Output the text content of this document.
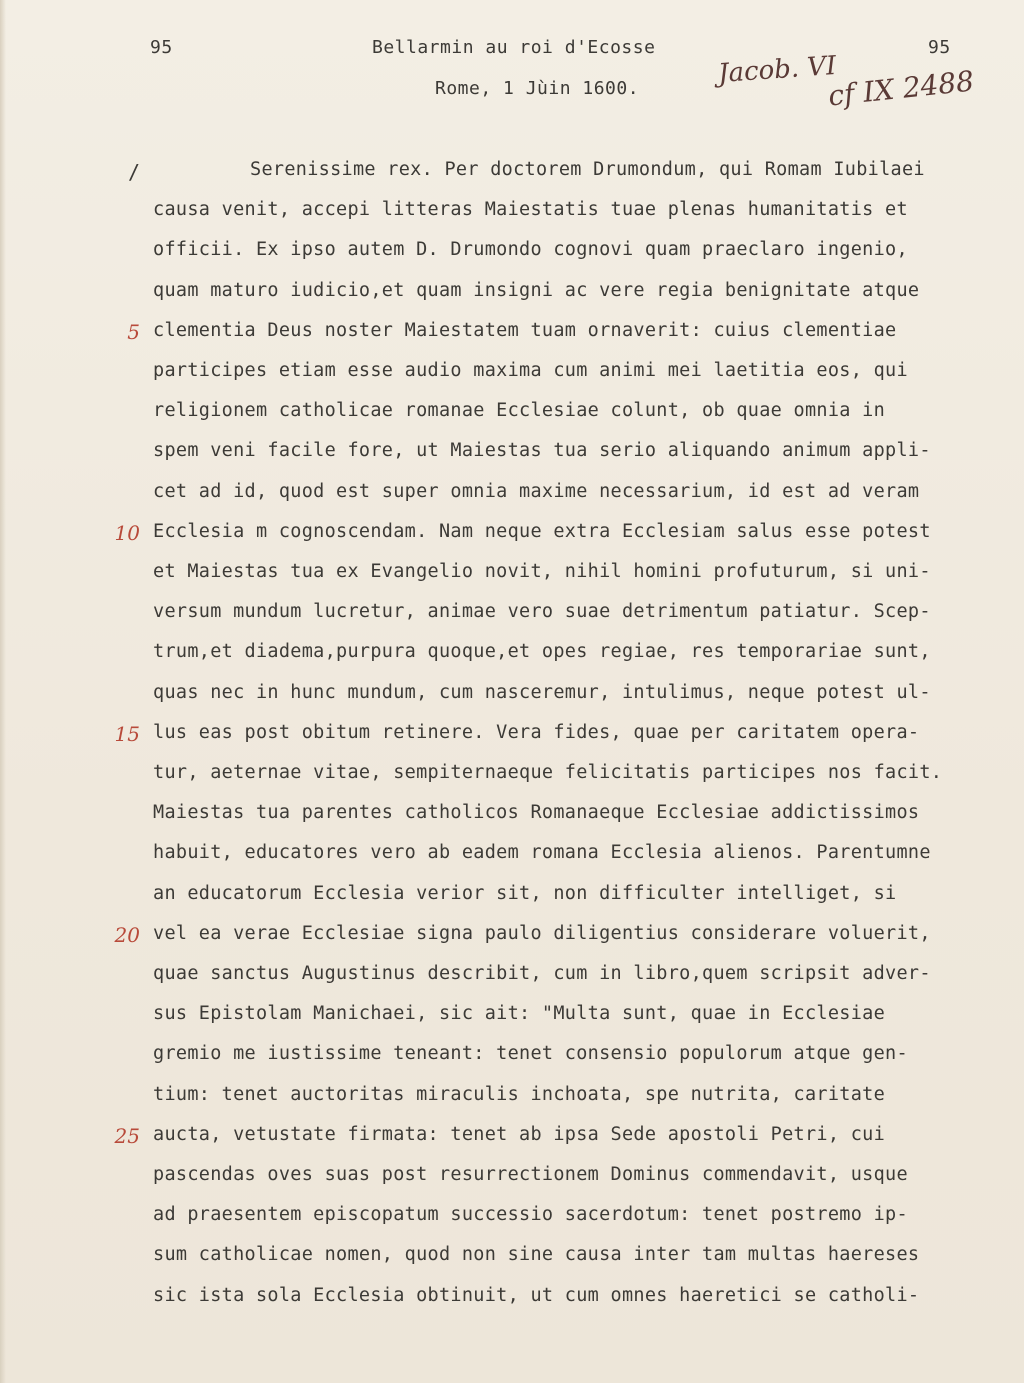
95	Bellarmin au roi d'Ecosse	95
Rome, 1 Jùin 1600.	Jacob. VI
cf IX 2488
/	Serenissime rex. Per doctorem Drumondum, qui Romam Iubilaei
causa venit, accepi litteras Maiestatis tuae plenas humanitatis et
officii. Ex ipso autem D. Drumondo cognovi quam praeclaro ingenio,
quam maturo iudicio,et quam insigni ac vere regia benignitate atque
clementia Deus noster Maiestatem tuam ornaverit: cuius clementiae
participes etiam esse audio maxima cum animi mei laetitia eos, qui
religionem catholicae romanae Ecclesiae colunt, ob quae omnia in
spem veni facile fore, ut Maiestas tua serio aliquando animum appli-
cet ad id, quod est super omnia maxime necessarium, id est ad veram
Ecclesia m cognoscendam. Nam neque extra Ecclesiam salus esse potest
et Maiestas tua ex Evangelio novit, nihil homini profuturum, si uni-
versum mundum lucretur, animae vero suae detrimentum patiatur. Scep-
trum,et diadema,purpura quoque,et opes regiae, res temporariae sunt,
quas nec in hunc mundum, cum nasceremur, intulimus, neque potest ul-
lus eas post obitum retinere. Vera fides, quae per caritatem opera-
tur, aeternae vitae, sempiternaeque felicitatis participes nos facit.
Maiestas tua parentes catholicos Romanaeque Ecclesiae addictissimos
habuit, educatores vero ab eadem romana Ecclesia alienos. Parentumne
an educatorum Ecclesia verior sit, non difficulter intelliget, si
vel ea verae Ecclesiae signa paulo diligentius considerare voluerit,
quae sanctus Augustinus describit, cum in libro,quem scripsit adver-
sus Epistolam Manichaei, sic ait: "Multa sunt, quae in Ecclesiae
gremio me iustissime teneant: tenet consensio populorum atque gen-
tium: tenet auctoritas miraculis inchoata, spe nutrita, caritate
aucta, vetustate firmata: tenet ab ipsa Sede apostoli Petri, cui
pascendas oves suas post resurrectionem Dominus commendavit, usque
ad praesentem episcopatum successio sacerdotum: tenet postremo ip-
sum catholicae nomen, quod non sine causa inter tam multas haereses
sic ista sola Ecclesia obtinuit, ut cum omnes haeretici se catholi-
5
10
15
20
25
